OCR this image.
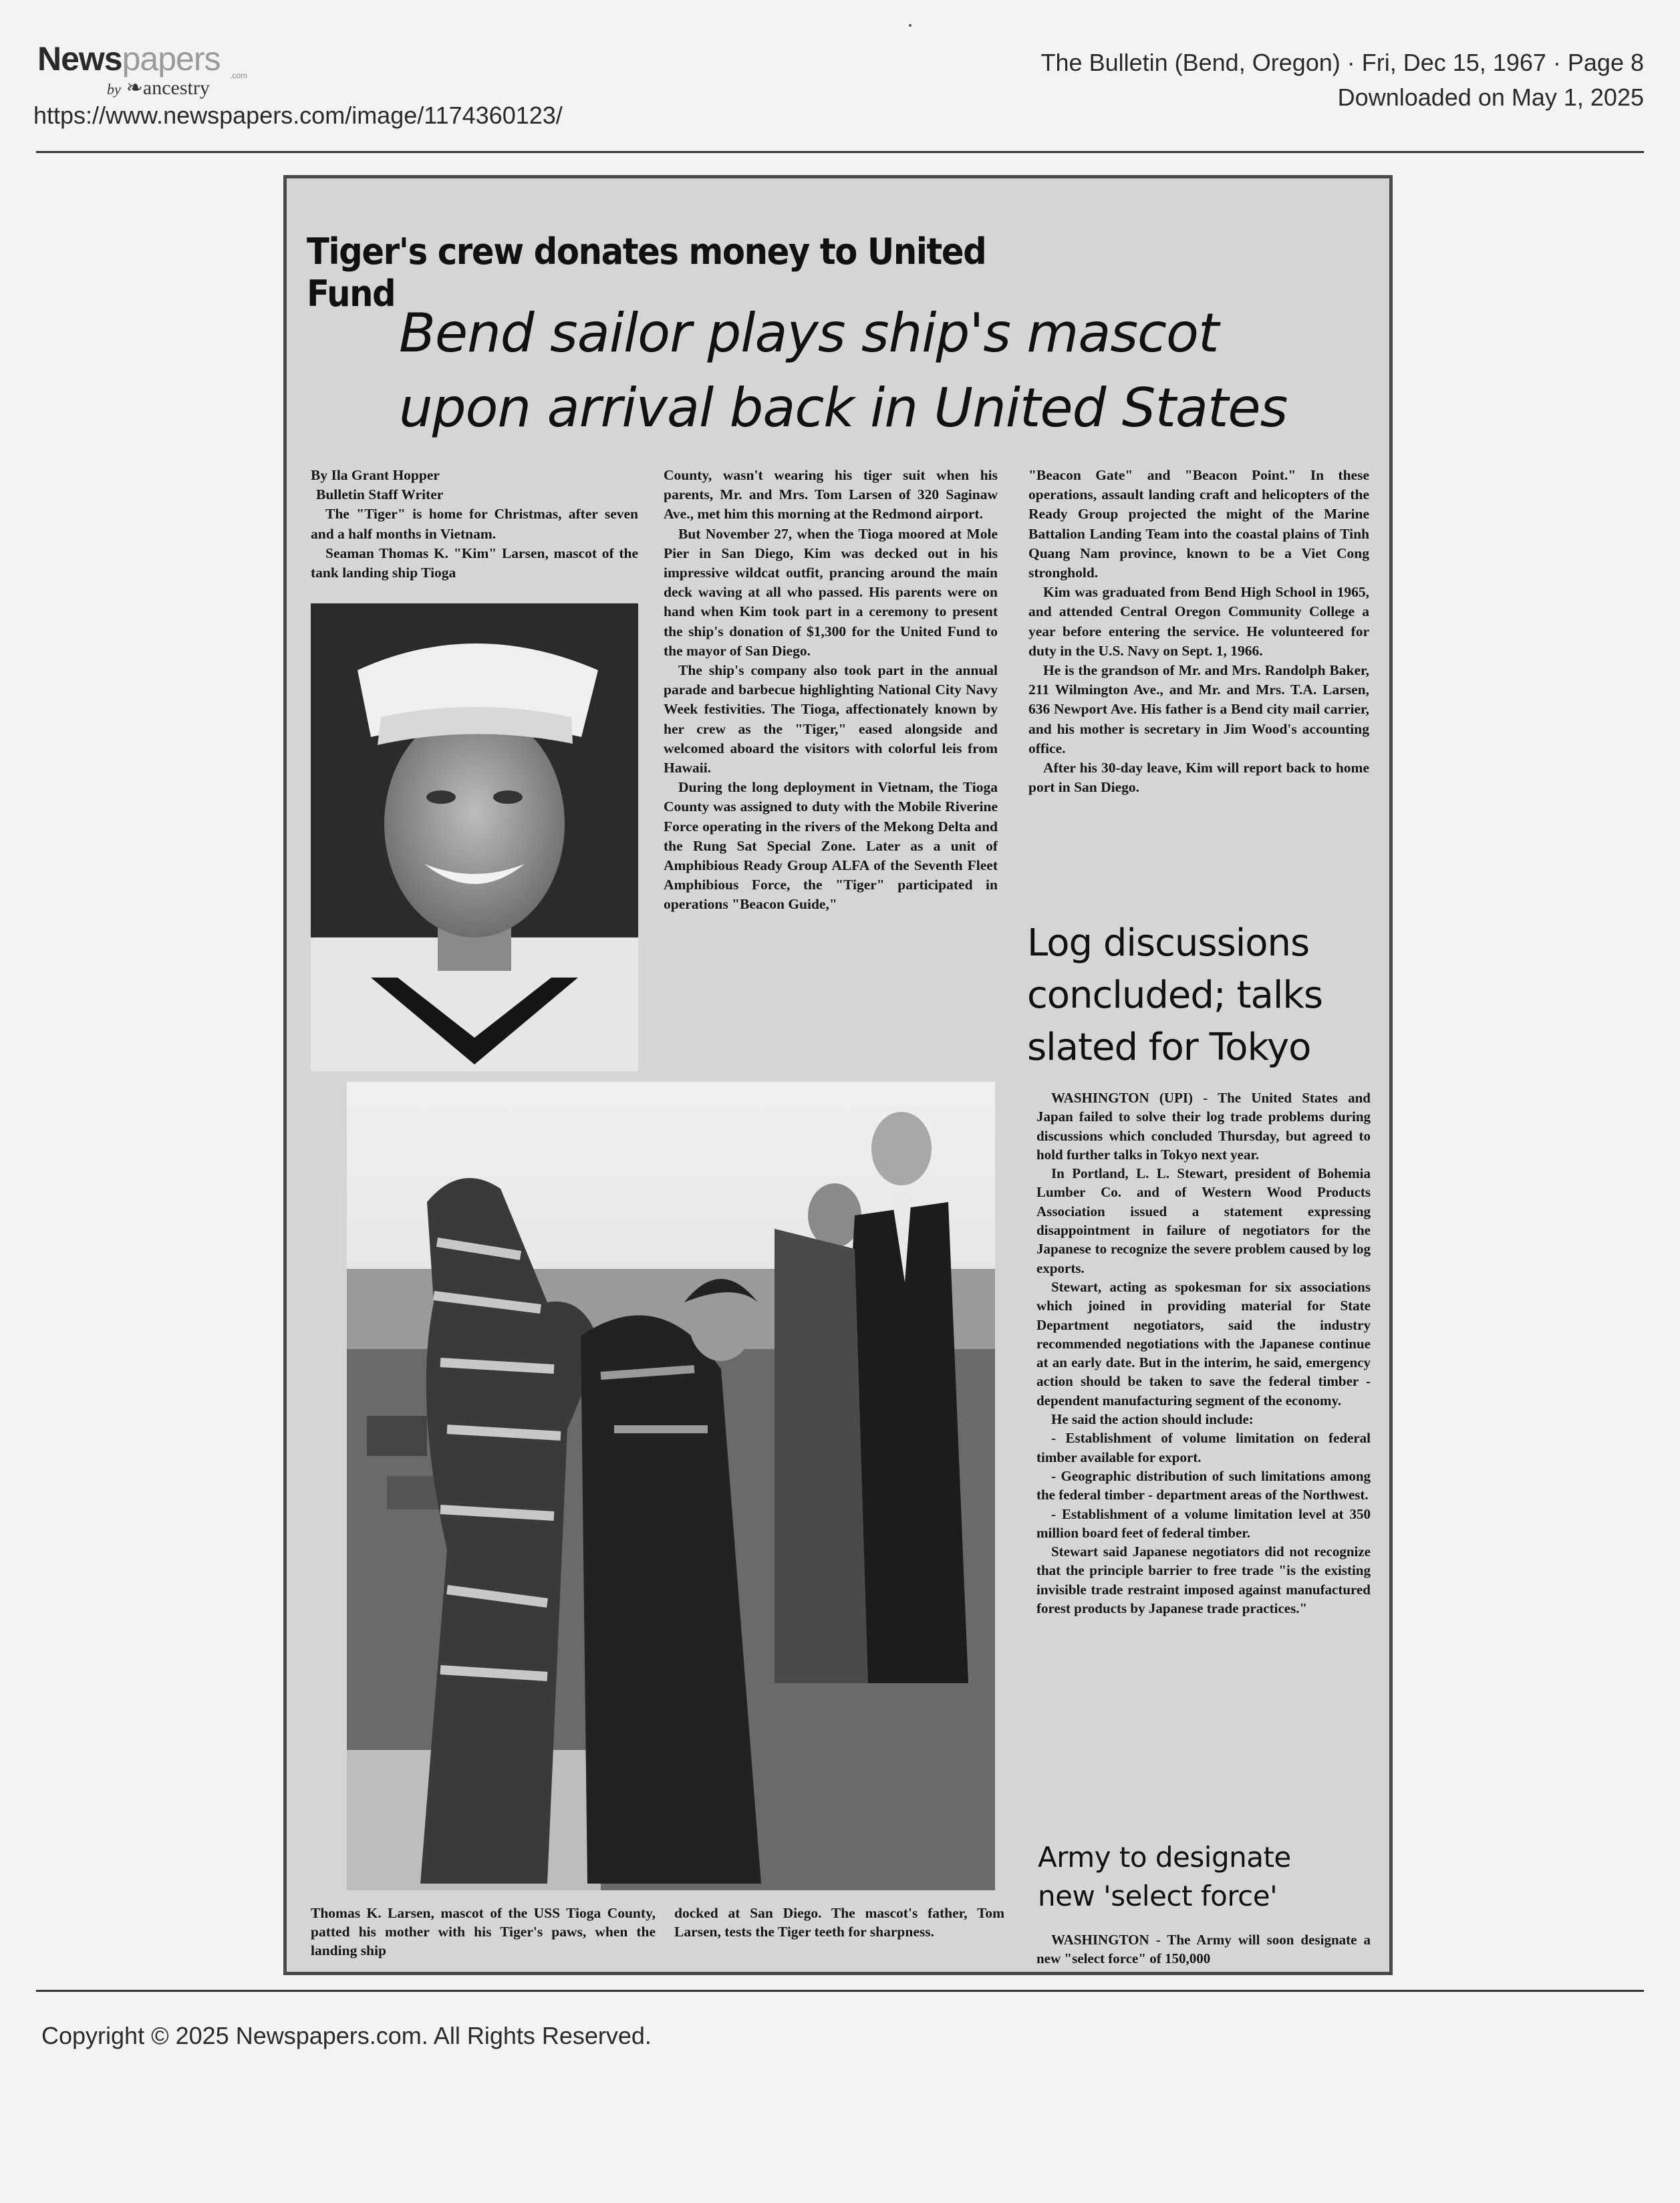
Newspapers .com
by ❧ancestry
https://www.newspapers.com/image/1174360123/
The Bulletin (Bend, Oregon) · Fri, Dec 15, 1967 · Page 8
Downloaded on May 1, 2025
Tiger's crew donates money to United Fund
Bend sailor plays ship's mascot
upon arrival back in United States

By Ila Grant Hopper

Bulletin Staff Writer

The "Tiger" is home for Christmas, after seven and a half months in Vietnam.

Seaman Thomas K. "Kim" Larsen, mascot of the tank landing ship Tioga

County, wasn't wearing his tiger suit when his parents, Mr. and Mrs. Tom Larsen of 320 Saginaw Ave., met him this morning at the Redmond airport.

But November 27, when the Tioga moored at Mole Pier in San Diego, Kim was decked out in his impressive wildcat outfit, prancing around the main deck waving at all who passed. His parents were on hand when Kim took part in a ceremony to present the ship's donation of $1,300 for the United Fund to the mayor of San Diego.

The ship's company also took part in the annual parade and barbecue highlighting National City Navy Week festivities. The Tioga, affectionately known by her crew as the "Tiger," eased alongside and welcomed aboard the visitors with colorful leis from Hawaii.

During the long deployment in Vietnam, the Tioga County was assigned to duty with the Mobile Riverine Force operating in the rivers of the Mekong Delta and the Rung Sat Special Zone. Later as a unit of Amphibious Ready Group ALFA of the Seventh Fleet Amphibious Force, the "Tiger" participated in operations "Beacon Guide,"

"Beacon Gate" and "Beacon Point." In these operations, assault landing craft and helicopters of the Ready Group projected the might of the Marine Battalion Landing Team into the coastal plains of Tinh Quang Nam province, known to be a Viet Cong stronghold.

Kim was graduated from Bend High School in 1965, and attended Central Oregon Community College a year before entering the service. He volunteered for duty in the U.S. Navy on Sept. 1, 1966.

He is the grandson of Mr. and Mrs. Randolph Baker, 211 Wilmington Ave., and Mr. and Mrs. T.A. Larsen, 636 Newport Ave. His father is a Bend city mail carrier, and his mother is secretary in Jim Wood's accounting office.

After his 30-day leave, Kim will report back to home port in San Diego.

Thomas K. Larsen, mascot of the USS Tioga County, patted his mother with his Tiger's paws, when the landing ship
docked at San Diego. The mascot's father, Tom Larsen, tests the Tiger teeth for sharpness.
Log discussions
concluded; talks
slated for Tokyo

WASHINGTON (UPI) - The United States and Japan failed to solve their log trade problems during discussions which concluded Thursday, but agreed to hold further talks in Tokyo next year.

In Portland, L. L. Stewart, president of Bohemia Lumber Co. and of Western Wood Products Association issued a statement expressing disappointment in failure of negotiators for the Japanese to recognize the severe problem caused by log exports.

Stewart, acting as spokesman for six associations which joined in providing material for State Department negotiators, said the industry recommended negotiations with the Japanese continue at an early date. But in the interim, he said, emergency action should be taken to save the federal timber - dependent manufacturing segment of the economy.

He said the action should include:

- Establishment of volume limitation on federal timber available for export.

- Geographic distribution of such limitations among the federal timber - department areas of the Northwest.

- Establishment of a volume limitation level at 350 million board feet of federal timber.

Stewart said Japanese negotiators did not recognize that the principle barrier to free trade "is the existing invisible trade restraint imposed against manufactured forest products by Japanese trade practices."

Army to designate
new 'select force'

WASHINGTON - The Army will soon designate a new "select force" of 150,000

Copyright © 2025 Newspapers.com. All Rights Reserved.
